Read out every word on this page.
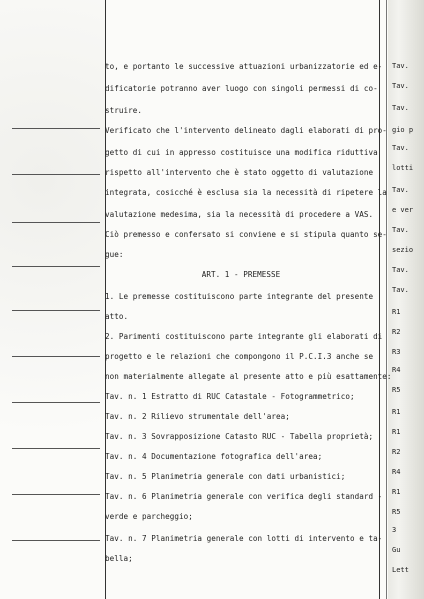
to, e portanto le successive attuazioni urbanizzatorie ed e-
dificatorie potranno aver luogo con singoli permessi di co-
struire.
Verificato che l'intervento delineato dagli elaborati di pro-
getto di cui in appresso costituisce una modifica riduttiva
rispetto all'intervento che è stato oggetto di valutazione
integrata, cosicché è esclusa sia la necessità di ripetere la
valutazione medesima, sia la necessità di procedere a VAS.
Ciò premesso e confersato si conviene e si stipula quanto se-
gue:
ART. 1 - PREMESSE
1. Le premesse costituiscono parte integrante del presente
atto.
2. Parimenti costituiscono parte integrante gli elaborati di
progetto e le relazioni che compongono il P.C.I.3 anche se
non materialmente allegate al presente atto e più esattamente:
Tav. n. 1 Estratto di RUC Catastale - Fotogrammetrico;
Tav. n. 2 Rilievo strumentale dell'area;
Tav. n. 3 Sovrapposizione Catasto RUC - Tabella proprietà;
Tav. n. 4 Documentazione fotografica dell'area;
Tav. n. 5 Planimetria generale con dati urbanistici;
Tav. n. 6 Planimetria generale con verifica degli standard -
verde e parcheggio;
Tav. n. 7 Planimetria generale con lotti di intervento e ta-
bella;
Tav.
Tav.
Tav.
gio p
Tav.
lotti
Tav.
e ver
Tav.
sezio
Tav.
Tav.
R1
R2
R3
R4
R5
R1
R1
R2
R4
R1
R5
3
Gu
Lett
